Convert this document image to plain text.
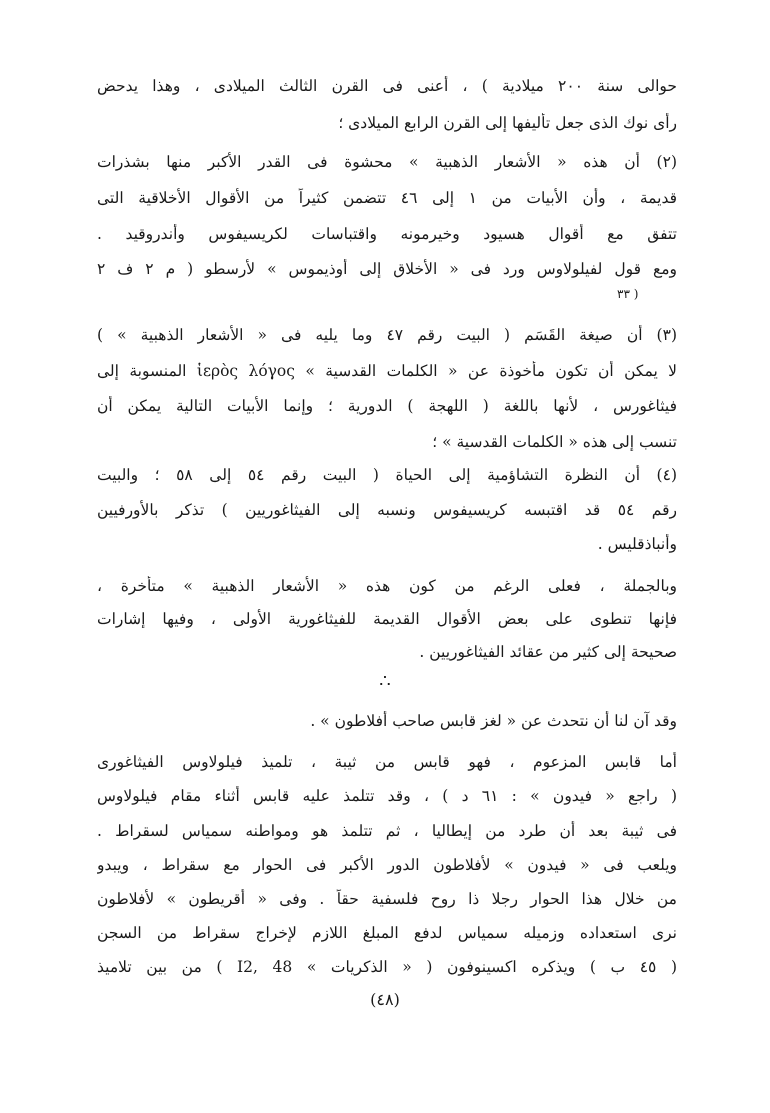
حوالى سنة ٢٠٠ ميلادية ) ، أعنى فى القرن الثالث الميلادى ، وهذا يدحض
رأى نوك الذى جعل تأليفها إلى القرن الرابع الميلادى ؛
(٢) أن هذه « الأشعار الذهبية » محشوة فى القدر الأكبر منها بشذرات
قديمة ، وأن الأبيات من ١ إلى ٤٦ تتضمن كثيراً من الأقوال الأخلاقية التى
تتفق مع أقوال هسيود وخيرمونه واقتباسات لكريسيفوس وأندروقيد .
ومع قول لفيلولاوس ورد فى « الأخلاق إلى أوذيموس » لأرسطو ( م ٢ ف ٢
٣٣ )
(٣) أن صيغة القَسَم ( البيت رقم ٤٧ وما يليه فى « الأشعار الذهبية » )
لا يمكن أن تكون مأخوذة عن « الكلمات القدسية » ἱερὸς λόγος المنسوبة إلى
فيثاغورس ، لأنها باللغة ( اللهجة ) الدورية ؛ وإنما الأبيات التالية يمكن أن
تنسب إلى هذه « الكلمات القدسية » ؛
(٤) أن النظرة التشاؤمية إلى الحياة ( البيت رقم ٥٤ إلى ٥٨ ؛ والبيت
رقم ٥٤ قد اقتبسه كريسيفوس ونسبه إلى الفيثاغوريين ) تذكر بالأورفيين
وأنباذقليس .
وبالجملة ، فعلى الرغم من كون هذه « الأشعار الذهبية » متأخرة ،
فإنها تنطوى على بعض الأقوال القديمة للفيثاغورية الأولى ، وفيها إشارات
صحيحة إلى كثير من عقائد الفيثاغوريين .
∴
وقد آن لنا أن نتحدث عن « لغز قابس صاحب أفلاطون » .
أما قابس المزعوم ، فهو قابس من ثيبة ، تلميذ فيلولاوس الفيثاغورى
( راجع « فيدون » : ٦١ د ) ، وقد تتلمذ عليه قابس أثناء مقام فيلولاوس
فى ثيبة بعد أن طرد من إيطاليا ، ثم تتلمذ هو ومواطنه سمياس لسقراط .
ويلعب فى « فيدون » لأفلاطون الدور الأكبر فى الحوار مع سقراط ، ويبدو
من خلال هذا الحوار رجلا ذا روح فلسفية حقاً . وفى « أقريطون » لأفلاطون
نرى استعداده وزميله سمياس لدفع المبلغ اللازم لإخراج سقراط من السجن
( ٤٥ ب ) ويذكره اكسينوفون ( « الذكريات » I2, 48 ) من بين تلاميذ
(٤٨)
